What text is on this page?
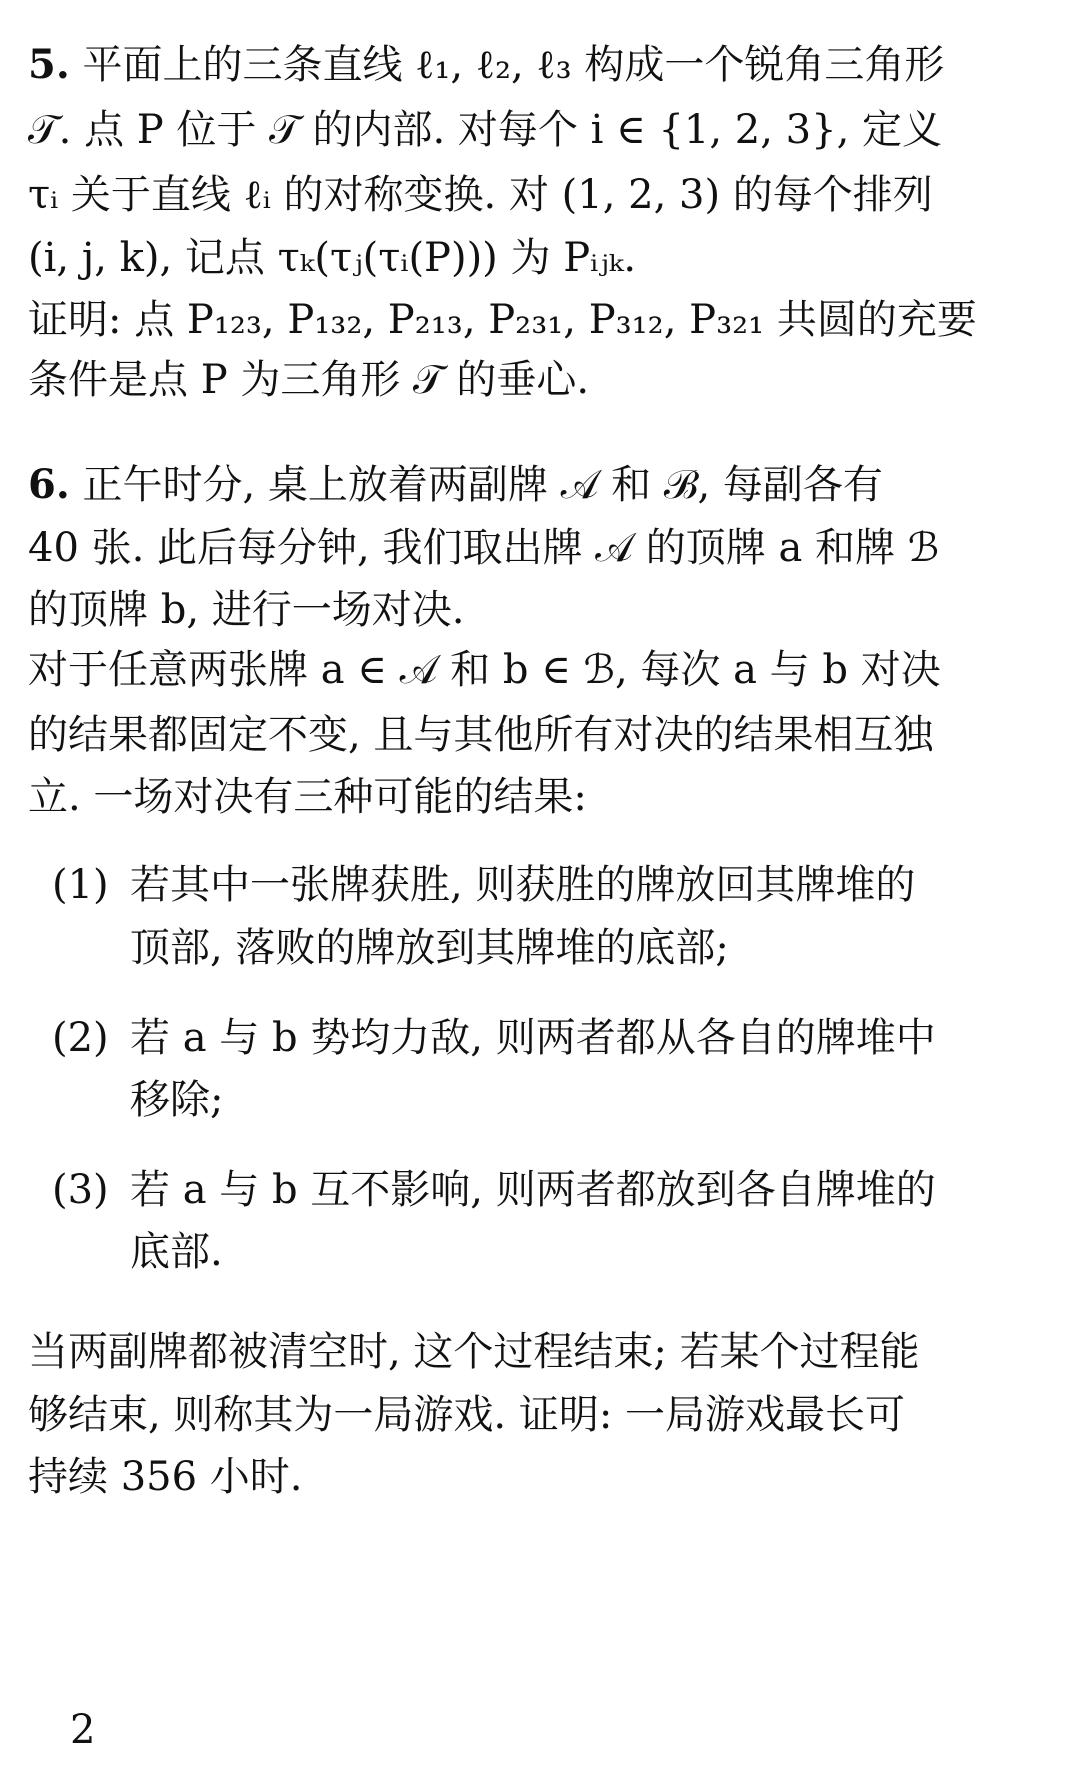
5. 平面上的三条直线 ℓ₁, ℓ₂, ℓ₃ 构成一个锐角三角形
𝒯. 点 P 位于 𝒯 的内部. 对每个 i ∈ {1, 2, 3}, 定义
τᵢ 关于直线 ℓᵢ 的对称变换. 对 (1, 2, 3) 的每个排列
(i, j, k), 记点 τₖ(τⱼ(τᵢ(P))) 为 Pᵢⱼₖ.
证明: 点 P₁₂₃, P₁₃₂, P₂₁₃, P₂₃₁, P₃₁₂, P₃₂₁ 共圆的充要
条件是点 P 为三角形 𝒯 的垂心.
6. 正午时分, 桌上放着两副牌 𝒜 和 ℬ, 每副各有
40 张. 此后每分钟, 我们取出牌 𝒜 的顶牌 a 和牌 ℬ
的顶牌 b, 进行一场对决.
对于任意两张牌 a ∈ 𝒜 和 b ∈ ℬ, 每次 a 与 b 对决
的结果都固定不变, 且与其他所有对决的结果相互独
立. 一场对决有三种可能的结果:
(1) 若其中一张牌获胜, 则获胜的牌放回其牌堆的
顶部, 落败的牌放到其牌堆的底部;
(2) 若 a 与 b 势均力敌, 则两者都从各自的牌堆中
移除;
(3) 若 a 与 b 互不影响, 则两者都放到各自牌堆的
底部.
当两副牌都被清空时, 这个过程结束; 若某个过程能
够结束, 则称其为一局游戏. 证明: 一局游戏最长可
持续 356 小时.
2
